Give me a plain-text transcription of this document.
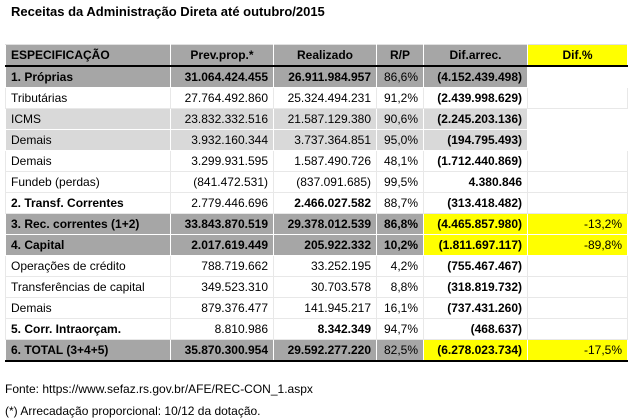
Receitas da Administração Direta até outubro/2015
ESPECIFICAÇÃO	Prev.prop.*	Realizado	R/P	Dif.arrec.	Dif.%
1. Próprias	31.064.424.455	26.911.984.957	86,6%	(4.152.439.498)	
Tributárias	27.764.492.860	25.324.494.231	91,2%	(2.439.998.629)	
ICMS	23.832.332.516	21.587.129.380	90,6%	(2.245.203.136)	
Demais	3.932.160.344	3.737.364.851	95,0%	(194.795.493)	
Demais	3.299.931.595	1.587.490.726	48,1%	(1.712.440.869)	
Fundeb (perdas)	(841.472.531)	(837.091.685)	99,5%	4.380.846	
2. Transf. Correntes	2.779.446.696	2.466.027.582	88,7%	(313.418.482)	
3. Rec. correntes (1+2)	33.843.870.519	29.378.012.539	86,8%	(4.465.857.980)	-13,2%
4. Capital	2.017.619.449	205.922.332	10,2%	(1.811.697.117)	-89,8%
Operações de crédito	788.719.662	33.252.195	4,2%	(755.467.467)	
Transferências de capital	349.523.310	30.703.578	8,8%	(318.819.732)	
Demais	879.376.477	141.945.217	16,1%	(737.431.260)	
5. Corr. Intraorçam.	8.810.986	8.342.349	94,7%	(468.637)	
6. TOTAL (3+4+5)	35.870.300.954	29.592.277.220	82,5%	(6.278.023.734)	-17,5%
Fonte: https://www.sefaz.rs.gov.br/AFE/REC-CON_1.aspx
(*) Arrecadação proporcional: 10/12 da dotação.
